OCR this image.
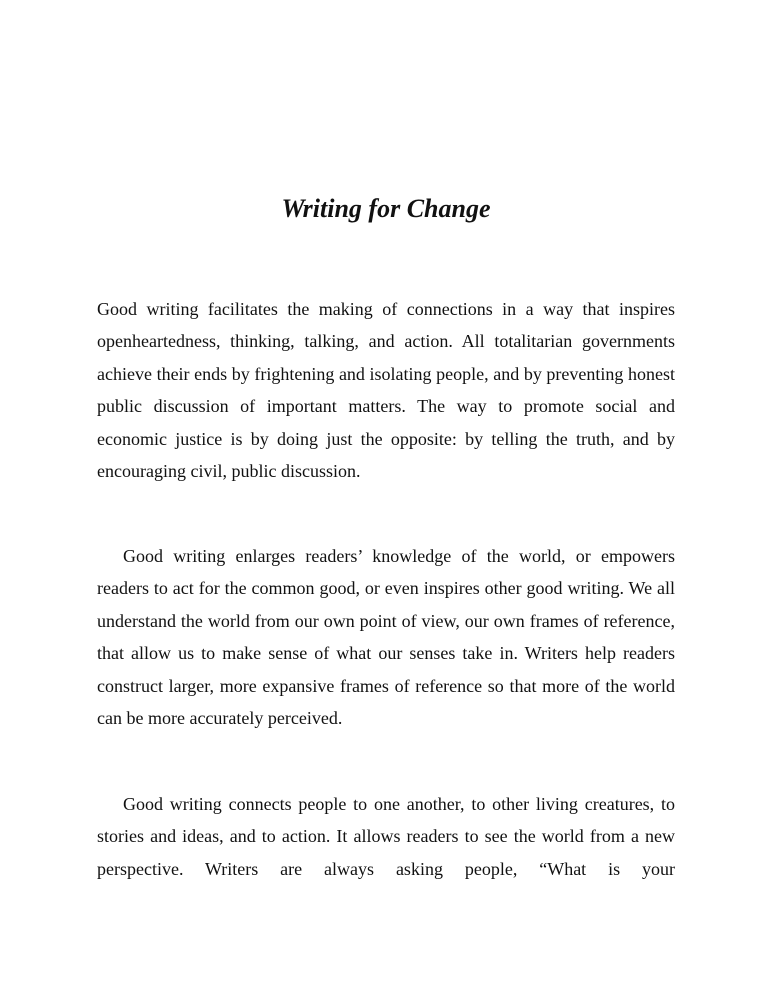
Writing for Change

Good writing facilitates the making of connections in a way that inspires openheartedness, thinking, talking, and action. All totalitarian governments achieve their ends by frightening and isolating people, and by preventing honest public discussion of important matters. The way to promote social and economic justice is by doing just the opposite: by telling the truth, and by encouraging civil, public discussion.

Good writing enlarges readers’ knowledge of the world, or empowers readers to act for the common good, or even inspires other good writing. We all understand the world from our own point of view, our own frames of reference, that allow us to make sense of what our senses take in. Writers help readers construct larger, more expansive frames of reference so that more of the world can be more accurately perceived.

Good writing connects people to one another, to other living creatures, to stories and ideas, and to action. It allows readers to see the world from a new perspective. Writers are always asking people, “What is your
